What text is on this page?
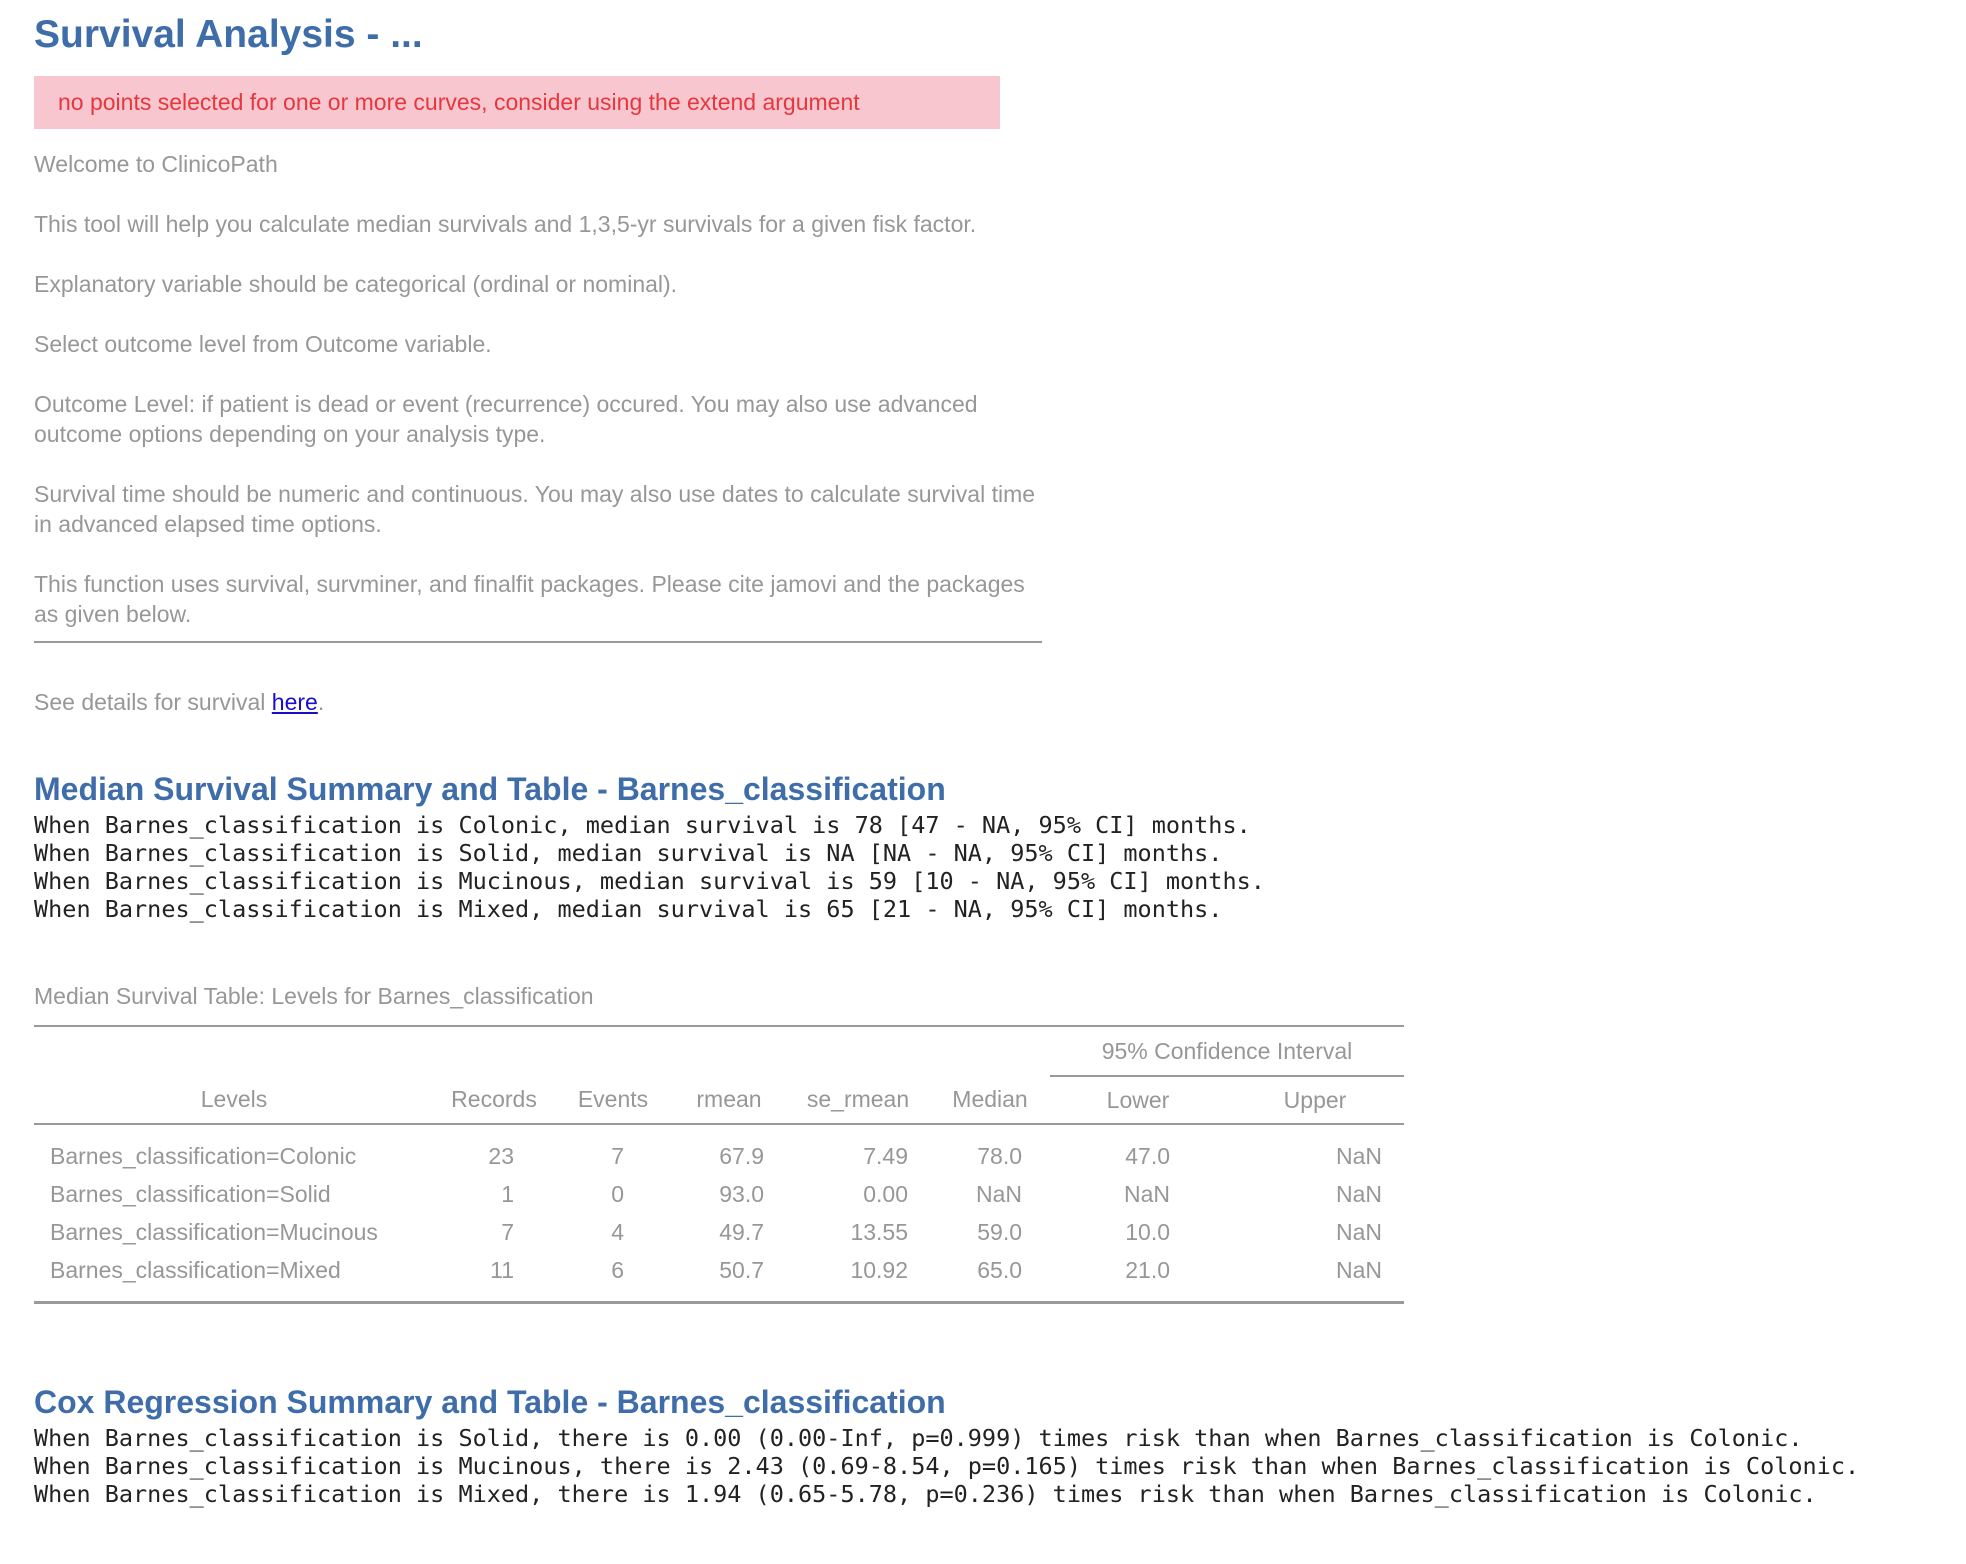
Survival Analysis - ...
no points selected for one or more curves, consider using the extend argument

Welcome to ClinicoPath

This tool will help you calculate median survivals and 1,3,5-yr survivals for a given fisk factor.

Explanatory variable should be categorical (ordinal or nominal).

Select outcome level from Outcome variable.

Outcome Level: if patient is dead or event (recurrence) occured. You may also use advanced outcome options depending on your analysis type.

Survival time should be numeric and continuous. You may also use dates to calculate survival time in advanced elapsed time options.

This function uses survival, survminer, and finalfit packages. Please cite jamovi and the packages as given below.

See details for survival here.
Median Survival Summary and Table - Barnes_classification
When Barnes_classification is Colonic, median survival is 78 [47 - NA, 95% CI] months.
When Barnes_classification is Solid, median survival is NA [NA - NA, 95% CI] months.
When Barnes_classification is Mucinous, median survival is 59 [10 - NA, 95% CI] months.
When Barnes_classification is Mixed, median survival is 65 [21 - NA, 95% CI] months.
Median Survival Table: Levels for Barnes_classification
						95% Confidence Interval	
Levels	Records	Events	rmean	se_rmean	Median	Lower	Upper
Barnes_classification=Colonic	23	7	67.9	7.49	78.0	47.0	NaN
Barnes_classification=Solid	1	0	93.0	0.00	NaN	NaN	NaN
Barnes_classification=Mucinous	7	4	49.7	13.55	59.0	10.0	NaN
Barnes_classification=Mixed	11	6	50.7	10.92	65.0	21.0	NaN
Cox Regression Summary and Table - Barnes_classification
When Barnes_classification is Solid, there is 0.00 (0.00-Inf, p=0.999) times risk than when Barnes_classification is Colonic.
When Barnes_classification is Mucinous, there is 2.43 (0.69-8.54, p=0.165) times risk than when Barnes_classification is Colonic.
When Barnes_classification is Mixed, there is 1.94 (0.65-5.78, p=0.236) times risk than when Barnes_classification is Colonic.
